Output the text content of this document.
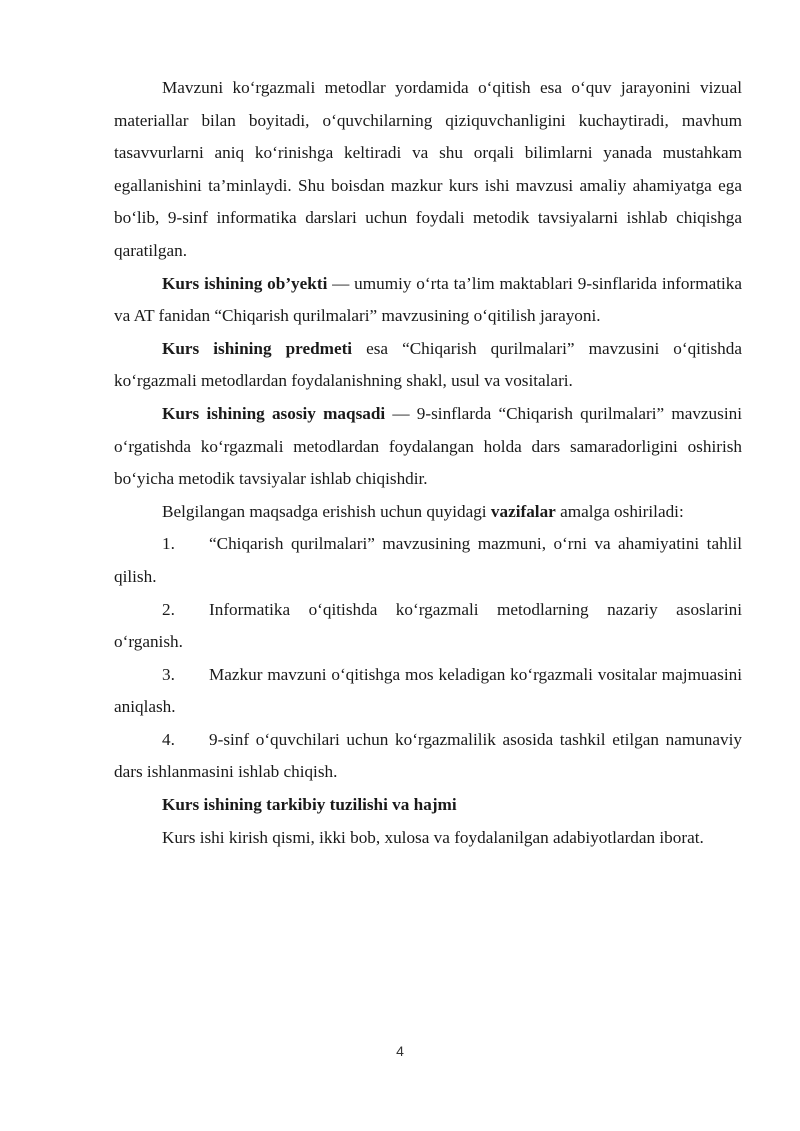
Mavzuni ko‘rgazmali metodlar yordamida o‘qitish esa o‘quv jarayonini vizual materiallar bilan boyitadi, o‘quvchilarning qiziquvchanligini kuchaytiradi, mavhum tasavvurlarni aniq ko‘rinishga keltiradi va shu orqali bilimlarni yanada mustahkam egallanishini ta’minlaydi. Shu boisdan mazkur kurs ishi mavzusi amaliy ahamiyatga ega bo‘lib, 9-sinf informatika darslari uchun foydali metodik tavsiyalarni ishlab chiqishga qaratilgan.

Kurs ishining ob’yekti — umumiy o‘rta ta’lim maktablari 9-sinflarida informatika va AT fanidan “Chiqarish qurilmalari” mavzusining o‘qitilish jarayoni.

Kurs ishining predmeti esa “Chiqarish qurilmalari” mavzusini o‘qitishda ko‘rgazmali metodlardan foydalanishning shakl, usul va vositalari.

Kurs ishining asosiy maqsadi — 9-sinflarda “Chiqarish qurilmalari” mavzusini o‘rgatishda ko‘rgazmali metodlardan foydalangan holda dars samaradorligini oshirish bo‘yicha metodik tavsiyalar ishlab chiqishdir.

Belgilangan maqsadga erishish uchun quyidagi vazifalar amalga oshiriladi:

1. “Chiqarish qurilmalari” mavzusining mazmuni, o‘rni va ahamiyatini tahlil qilish.

2. Informatika o‘qitishda ko‘rgazmali metodlarning nazariy asoslarini o‘rganish.

3. Mazkur mavzuni o‘qitishga mos keladigan ko‘rgazmali vositalar majmuasini aniqlash.

4. 9-sinf o‘quvchilari uchun ko‘rgazmalilik asosida tashkil etilgan namunaviy dars ishlanmasini ishlab chiqish.

Kurs ishining tarkibiy tuzilishi va hajmi

Kurs ishi kirish qismi, ikki bob, xulosa va foydalanilgan adabiyotlardan iborat.

4
